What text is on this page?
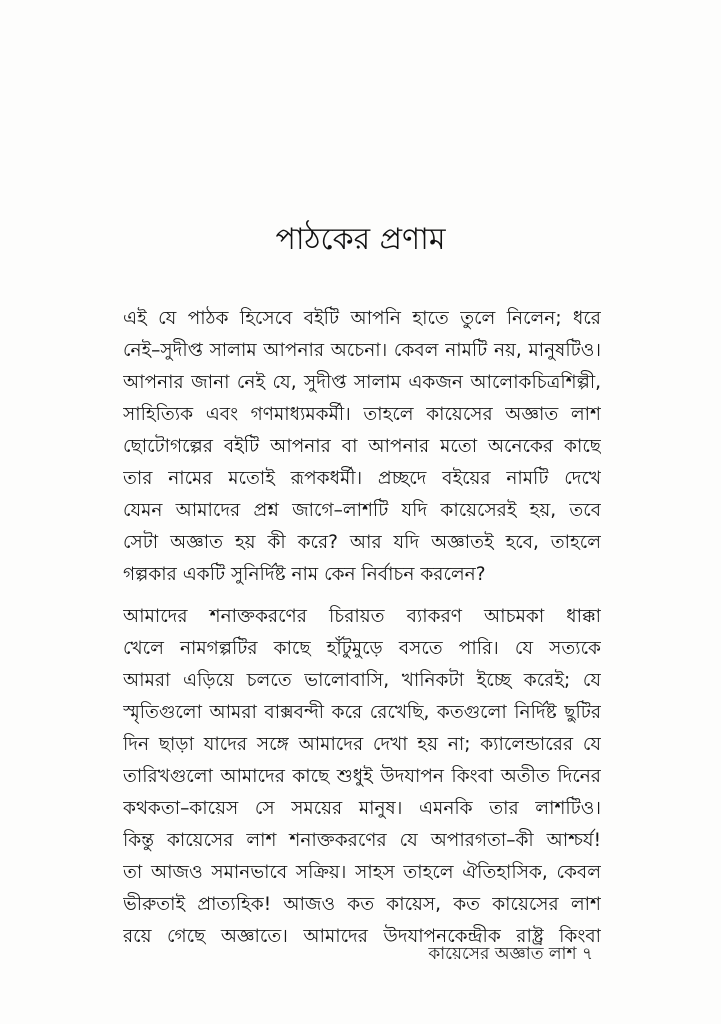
পাঠকের প্রণাম

এই যে পাঠক হিসেবে বইটি আপনি হাতে তুলে নিলেন; ধরে
নেই–সুদীপ্ত সালাম আপনার অচেনা। কেবল নামটি নয়, মানুষটিও।
আপনার জানা নেই যে, সুদীপ্ত সালাম একজন আলোকচিত্রশিল্পী,
সাহিত্যিক এবং গণমাধ্যমকর্মী। তাহলে কায়েসের অজ্ঞাত লাশ
ছোটোগল্পের বইটি আপনার বা আপনার মতো অনেকের কাছে
তার নামের মতোই রূপকধর্মী। প্রচ্ছদে বইয়ের নামটি দেখে
যেমন আমাদের প্রশ্ন জাগে–লাশটি যদি কায়েসেরই হয়, তবে
সেটা অজ্ঞাত হয় কী করে? আর যদি অজ্ঞাতই হবে, তাহলে
গল্পকার একটি সুনির্দিষ্ট নাম কেন নির্বাচন করলেন?

আমাদের শনাক্তকরণের চিরায়ত ব্যাকরণ আচমকা ধাক্কা
খেলে নামগল্পটির কাছে হাঁটুমুড়ে বসতে পারি। যে সত্যকে
আমরা এড়িয়ে চলতে ভালোবাসি, খানিকটা ইচ্ছে করেই; যে
স্মৃতিগুলো আমরা বাক্সবন্দী করে রেখেছি, কতগুলো নির্দিষ্ট ছুটির
দিন ছাড়া যাদের সঙ্গে আমাদের দেখা হয় না; ক্যালেন্ডারের যে
তারিখগুলো আমাদের কাছে শুধুই উদযাপন কিংবা অতীত দিনের
কথকতা–কায়েস সে সময়ের মানুষ। এমনকি তার লাশটিও।
কিন্তু কায়েসের লাশ শনাক্তকরণের যে অপারগতা–কী আশ্চর্য!
তা আজও সমানভাবে সক্রিয়। সাহস তাহলে ঐতিহাসিক, কেবল
ভীরুতাই প্রাত্যহিক! আজও কত কায়েস, কত কায়েসের লাশ
রয়ে গেছে অজ্ঞাতে। আমাদের উদযাপনকেন্দ্রীক রাষ্ট্র কিংবা

কায়েসের অজ্ঞাত লাশ ৭
